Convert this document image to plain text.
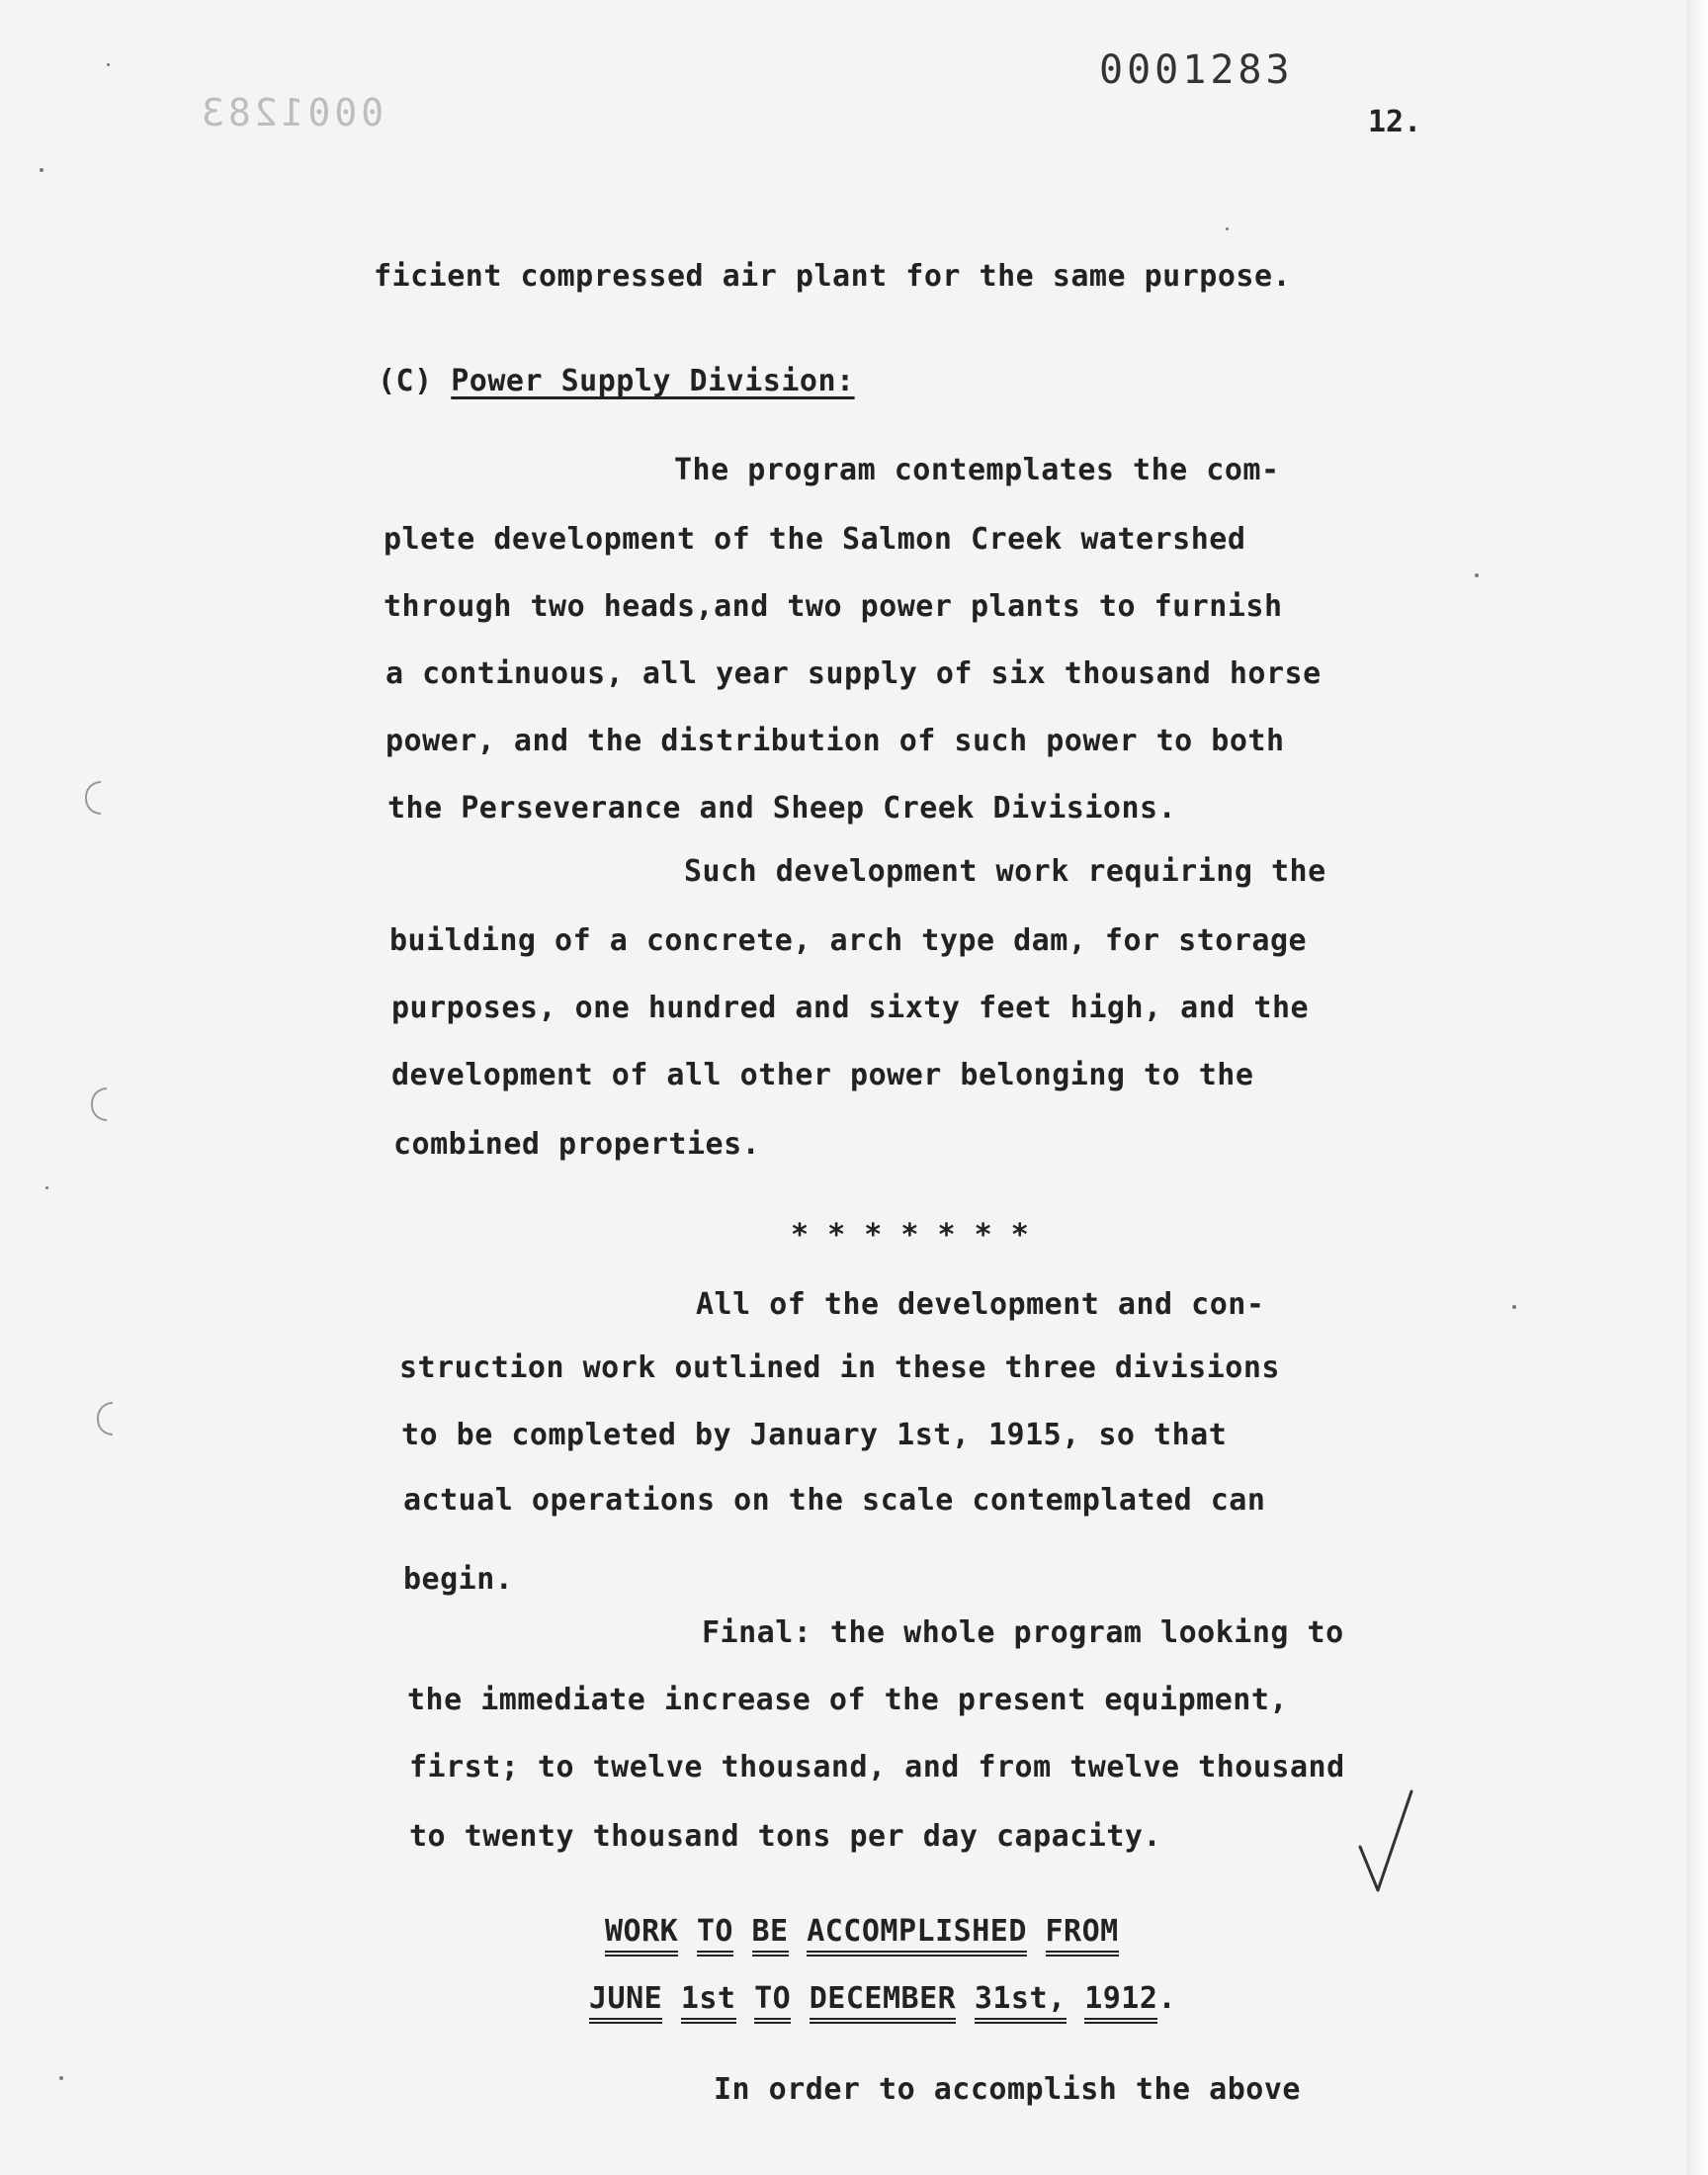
0001283
0001283
12.
ficient compressed air plant for the same purpose.
(C) Power Supply Division:
The program contemplates the com-
plete development of the Salmon Creek watershed
through two heads,and two power plants to furnish
a continuous, all year supply of six thousand horse
power, and the distribution of such power to both
the Perseverance and Sheep Creek Divisions.
Such development work requiring the
building of a concrete, arch type dam, for storage
purposes, one hundred and sixty feet high, and the
development of all other power belonging to the
combined properties.
* * * * * * *
All of the development and con-
struction work outlined in these three divisions
to be completed by January 1st, 1915, so that
actual operations on the scale contemplated can
begin.
Final: the whole program looking to
the immediate increase of the present equipment,
first; to twelve thousand, and from twelve thousand
to twenty thousand tons per day capacity.
WORK TO BE ACCOMPLISHED FROM
JUNE 1st TO DECEMBER 31st, 1912.
In order to accomplish the above
